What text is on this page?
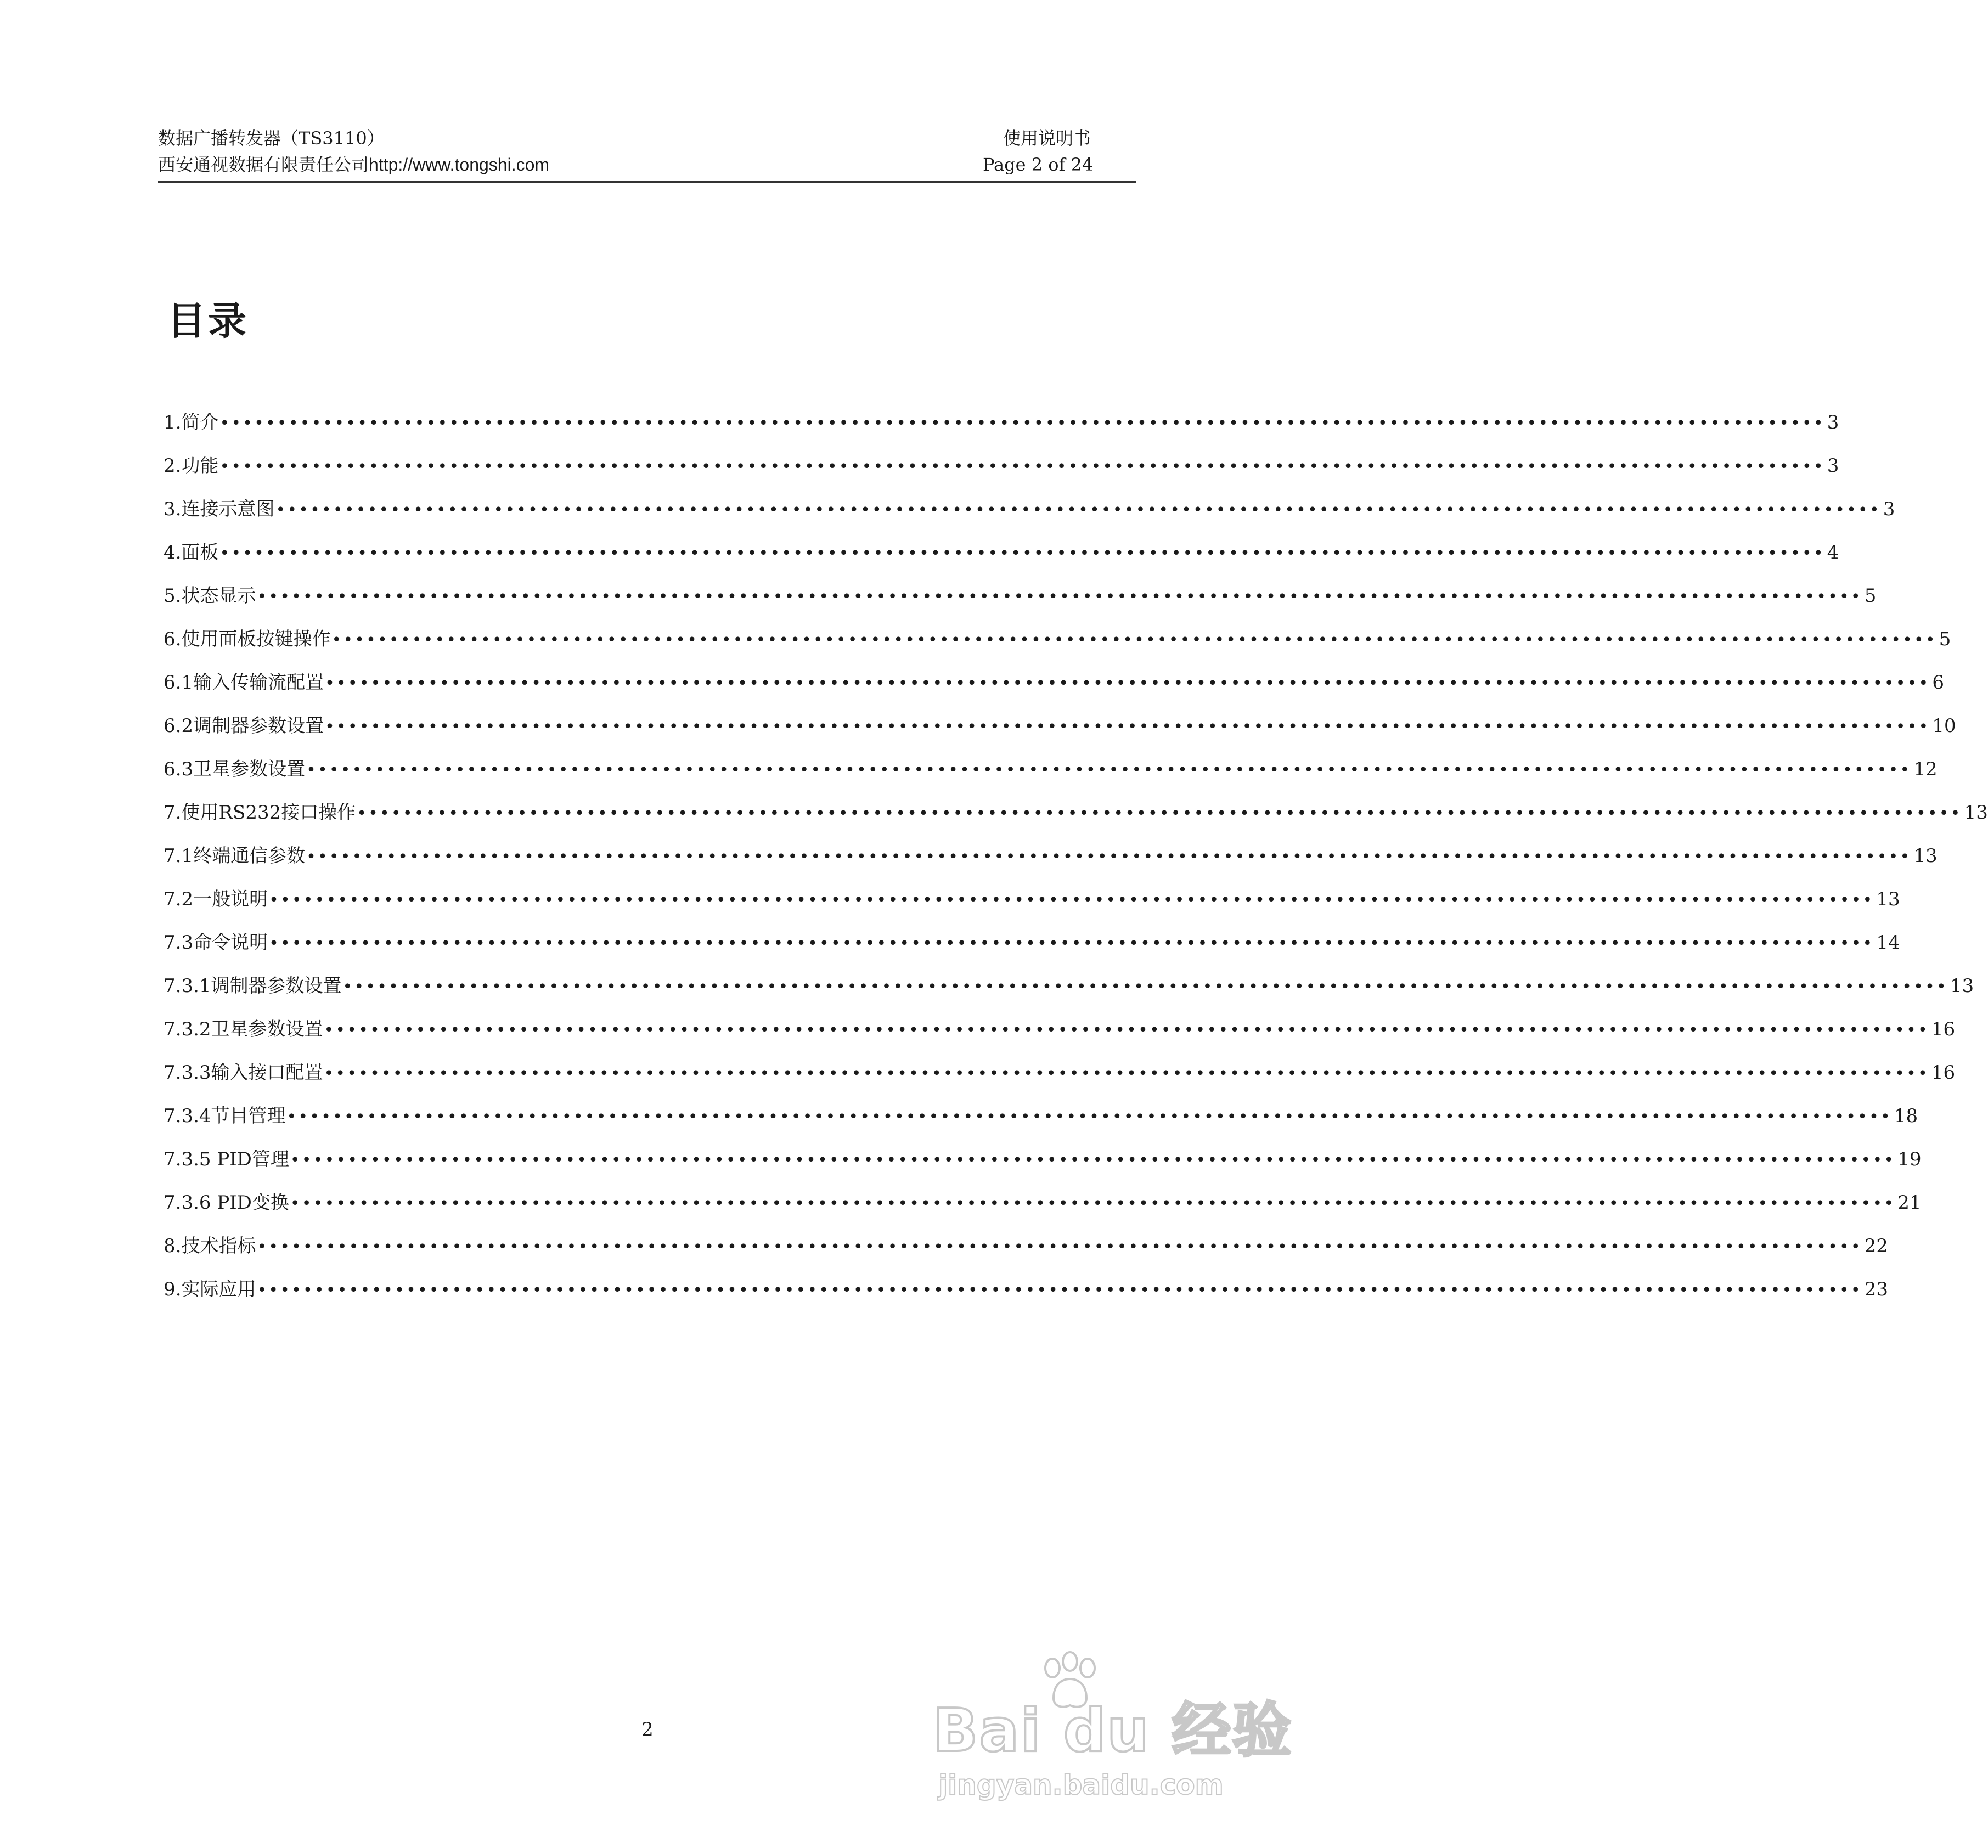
数据广播转发器（TS3110）
西安通视数据有限责任公司http://www.tongshi.com
使用说明书
Page 2 of 24
目录
1.简介 •••••••••••••••••••••••••••••••••••••••••••••••••••••••••••••••••••••••••••••••••••••••••••••••••••••••••••••••••••••••••••••••••••••••••••• 3
2.功能 •••••••••••••••••••••••••••••••••••••••••••••••••••••••••••••••••••••••••••••••••••••••••••••••••••••••••••••••••••••••••••••••••••••••••••• 3
3.连接示意图 •••••••••••••••••••••••••••••••••••••••••••••••••••••••••••••••••••••••••••••••••••••••••••••••••••••••••••••••••••••••••••••••••••••••••••• 3
4.面板 •••••••••••••••••••••••••••••••••••••••••••••••••••••••••••••••••••••••••••••••••••••••••••••••••••••••••••••••••••••••••••••••••••••••••••• 4
5.状态显示 •••••••••••••••••••••••••••••••••••••••••••••••••••••••••••••••••••••••••••••••••••••••••••••••••••••••••••••••••••••••••••••••••••••••••••• 5
6.使用面板按键操作 •••••••••••••••••••••••••••••••••••••••••••••••••••••••••••••••••••••••••••••••••••••••••••••••••••••••••••••••••••••••••••••••••••••••••••• 5
6.1输入传输流配置 •••••••••••••••••••••••••••••••••••••••••••••••••••••••••••••••••••••••••••••••••••••••••••••••••••••••••••••••••••••••••••••••••••••••••••• 6
6.2调制器参数设置 •••••••••••••••••••••••••••••••••••••••••••••••••••••••••••••••••••••••••••••••••••••••••••••••••••••••••••••••••••••••••••••••••••••••••••• 10
6.3卫星参数设置 •••••••••••••••••••••••••••••••••••••••••••••••••••••••••••••••••••••••••••••••••••••••••••••••••••••••••••••••••••••••••••••••••••••••••••• 12
7.使用RS232接口操作 •••••••••••••••••••••••••••••••••••••••••••••••••••••••••••••••••••••••••••••••••••••••••••••••••••••••••••••••••••••••••••••••••••••••••••• 13
7.1终端通信参数 •••••••••••••••••••••••••••••••••••••••••••••••••••••••••••••••••••••••••••••••••••••••••••••••••••••••••••••••••••••••••••••••••••••••••••• 13
7.2一般说明 •••••••••••••••••••••••••••••••••••••••••••••••••••••••••••••••••••••••••••••••••••••••••••••••••••••••••••••••••••••••••••••••••••••••••••• 13
7.3命令说明 •••••••••••••••••••••••••••••••••••••••••••••••••••••••••••••••••••••••••••••••••••••••••••••••••••••••••••••••••••••••••••••••••••••••••••• 14
7.3.1调制器参数设置 •••••••••••••••••••••••••••••••••••••••••••••••••••••••••••••••••••••••••••••••••••••••••••••••••••••••••••••••••••••••••••••••••••••••••••• 13
7.3.2卫星参数设置 •••••••••••••••••••••••••••••••••••••••••••••••••••••••••••••••••••••••••••••••••••••••••••••••••••••••••••••••••••••••••••••••••••••••••••• 16
7.3.3输入接口配置 •••••••••••••••••••••••••••••••••••••••••••••••••••••••••••••••••••••••••••••••••••••••••••••••••••••••••••••••••••••••••••••••••••••••••••• 16
7.3.4节目管理 •••••••••••••••••••••••••••••••••••••••••••••••••••••••••••••••••••••••••••••••••••••••••••••••••••••••••••••••••••••••••••••••••••••••••••• 18
7.3.5 PID管理 •••••••••••••••••••••••••••••••••••••••••••••••••••••••••••••••••••••••••••••••••••••••••••••••••••••••••••••••••••••••••••••••••••••••••••• 19
7.3.6 PID变换 •••••••••••••••••••••••••••••••••••••••••••••••••••••••••••••••••••••••••••••••••••••••••••••••••••••••••••••••••••••••••••••••••••••••••••• 21
8.技术指标 •••••••••••••••••••••••••••••••••••••••••••••••••••••••••••••••••••••••••••••••••••••••••••••••••••••••••••••••••••••••••••••••••••••••••••• 22
9.实际应用 •••••••••••••••••••••••••••••••••••••••••••••••••••••••••••••••••••••••••••••••••••••••••••••••••••••••••••••••••••••••••••••••••••••••••••• 23
2	Bai du 经验
jingyan.baidu.com
